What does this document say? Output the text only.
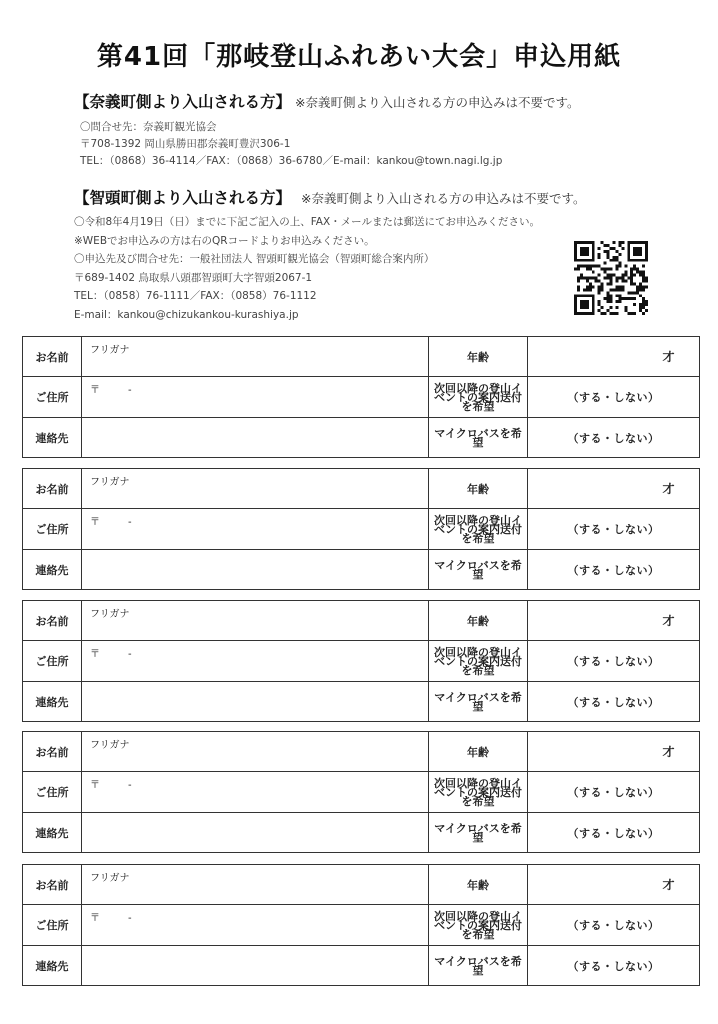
第41回「那岐登山ふれあい大会」申込用紙
【奈義町側より入山される方】 ※奈義町側より入山される方の申込みは不要です。
〇問合せ先：奈義町観光協会
〒708-1392 岡山県勝田郡奈義町豊沢306-1
TEL：（0868）36-4114／FAX：（0868）36-6780／E-mail：kankou@town.nagi.lg.jp
【智頭町側より入山される方】 ※奈義町側より入山される方の申込みは不要です。
〇令和8年4月19日（日）までに下記ご記入の上、FAX・メールまたは郵送にてお申込みください。
※WEBでお申込みの方は右のQRコードよりお申込みください。
〇申込先及び問合せ先：一般社団法人 智頭町観光協会（智頭町総合案内所）
〒689-1402 鳥取県八頭郡智頭町大字智頭2067-1
TEL：（0858）76-1111／FAX：（0858）76-1112
E-mail：kankou@chizukankou-kurashiya.jp
お名前	フリガナ	年齢	才
ご住所	〒 -	次回以降の登山イベントの案内送付を希望	（する・しない）
連絡先		マイクロバスを希望	（する・しない）
お名前	フリガナ	年齢	才
ご住所	〒 -	次回以降の登山イベントの案内送付を希望	（する・しない）
連絡先		マイクロバスを希望	（する・しない）
お名前	フリガナ	年齢	才
ご住所	〒 -	次回以降の登山イベントの案内送付を希望	（する・しない）
連絡先		マイクロバスを希望	（する・しない）
お名前	フリガナ	年齢	才
ご住所	〒 -	次回以降の登山イベントの案内送付を希望	（する・しない）
連絡先		マイクロバスを希望	（する・しない）
お名前	フリガナ	年齢	才
ご住所	〒 -	次回以降の登山イベントの案内送付を希望	（する・しない）
連絡先		マイクロバスを希望	（する・しない）
